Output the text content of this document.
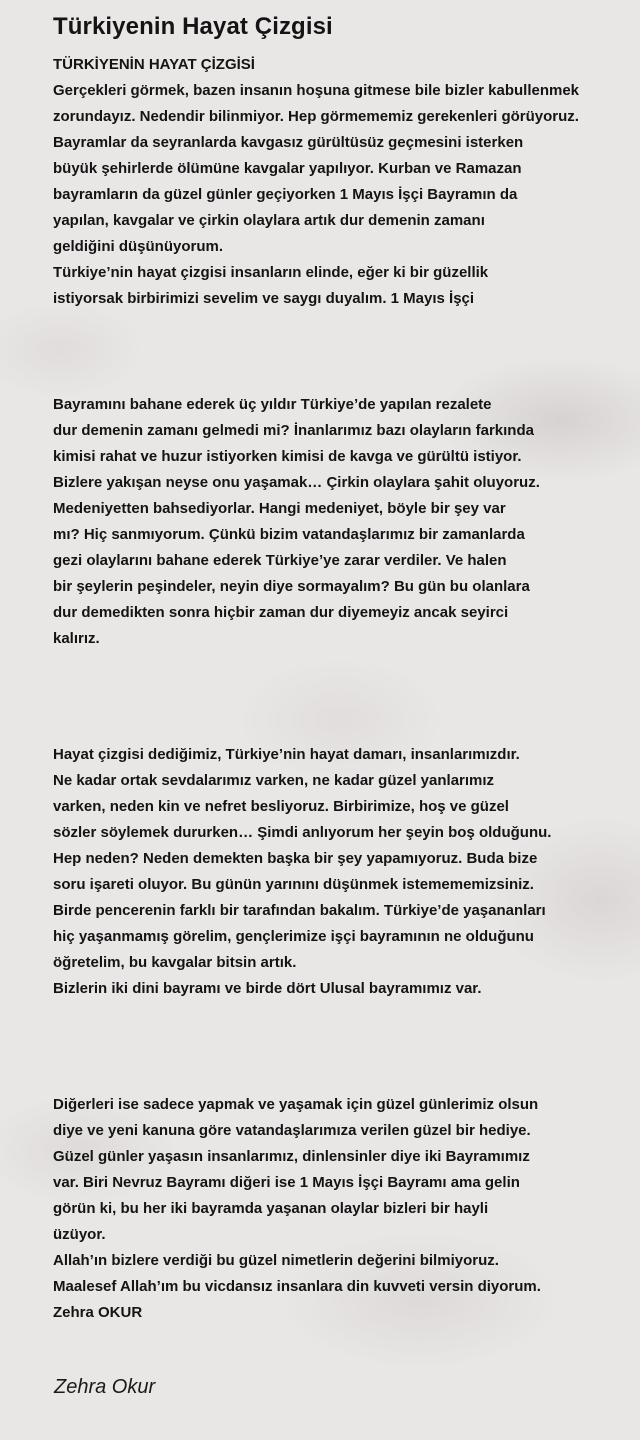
Türkiyenin Hayat Çizgisi
TÜRKİYENİN HAYAT ÇİZGİSİ
Gerçekleri görmek, bazen insanın hoşuna gitmese bile bizler kabullenmek
zorundayız. Nedendir bilinmiyor. Hep görmememiz gerekenleri görüyoruz.
Bayramlar da seyranlarda kavgasız gürültüsüz geçmesini isterken
büyük şehirlerde ölümüne kavgalar yapılıyor. Kurban ve Ramazan
bayramların da güzel günler geçiyorken 1 Mayıs İşçi Bayramın da
yapılan, kavgalar ve çirkin olaylara artık dur demenin zamanı
geldiğini düşünüyorum.
Türkiye’nin hayat çizgisi insanların elinde, eğer ki bir güzellik
istiyorsak birbirimizi sevelim ve saygı duyalım. 1 Mayıs İşçi
Bayramını bahane ederek üç yıldır Türkiye’de yapılan rezalete
dur demenin zamanı gelmedi mi? İnanlarımız bazı olayların farkında
kimisi rahat ve huzur istiyorken kimisi de kavga ve gürültü istiyor.
Bizlere yakışan neyse onu yaşamak… Çirkin olaylara şahit oluyoruz.
Medeniyetten bahsediyorlar. Hangi medeniyet, böyle bir şey var
mı? Hiç sanmıyorum. Çünkü bizim vatandaşlarımız bir zamanlarda
gezi olaylarını bahane ederek Türkiye’ye zarar verdiler. Ve halen
bir şeylerin peşindeler, neyin diye sormayalım? Bu gün bu olanlara
dur demedikten sonra hiçbir zaman dur diyemeyiz ancak seyirci
kalırız.
Hayat çizgisi dediğimiz, Türkiye’nin hayat damarı, insanlarımızdır.
Ne kadar ortak sevdalarımız varken, ne kadar güzel yanlarımız
varken, neden kin ve nefret besliyoruz. Birbirimize, hoş ve güzel
sözler söylemek dururken… Şimdi anlıyorum her şeyin boş olduğunu.
Hep neden? Neden demekten başka bir şey yapamıyoruz. Buda bize
soru işareti oluyor. Bu günün yarınını düşünmek istemememizsiniz.
Birde pencerenin farklı bir tarafından bakalım. Türkiye’de yaşananları
hiç yaşanmamış görelim, gençlerimize işçi bayramının ne olduğunu
öğretelim, bu kavgalar bitsin artık.
Bizlerin iki dini bayramı ve birde dört Ulusal bayramımız var.
Diğerleri ise sadece yapmak ve yaşamak için güzel günlerimiz olsun
diye ve yeni kanuna göre vatandaşlarımıza verilen güzel bir hediye.
Güzel günler yaşasın insanlarımız, dinlensinler diye iki Bayramımız
var. Biri Nevruz Bayramı diğeri ise 1 Mayıs İşçi Bayramı ama gelin
görün ki, bu her iki bayramda yaşanan olaylar bizleri bir hayli
üzüyor.
Allah’ın bizlere verdiği bu güzel nimetlerin değerini bilmiyoruz.
Maalesef Allah’ım bu vicdansız insanlara din kuvveti versin diyorum.
Zehra OKUR
Zehra Okur
